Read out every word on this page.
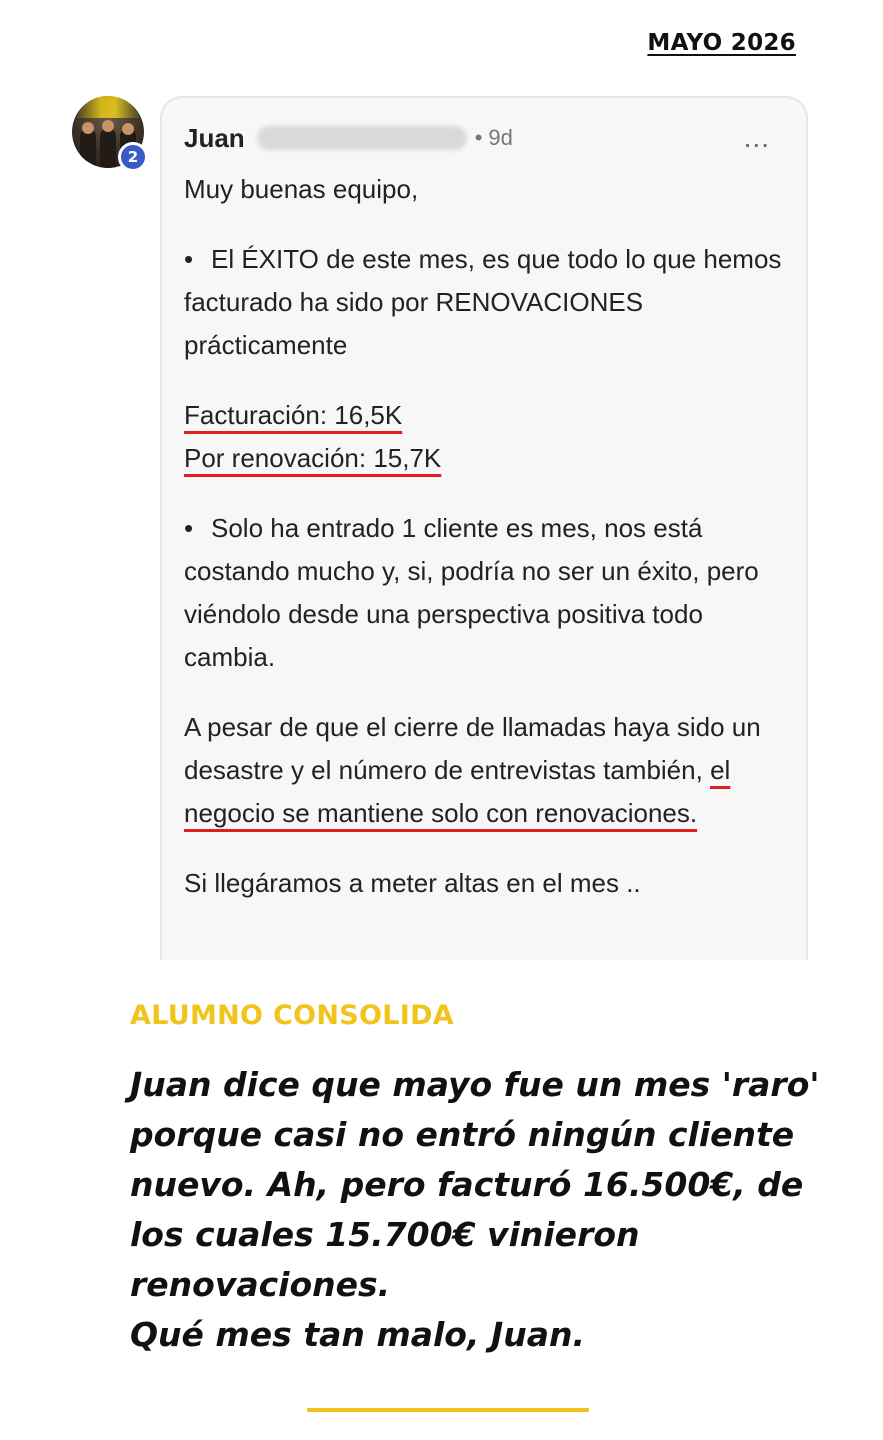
MAYO 2026
2
Juan	• 9d	...

Muy buenas equipo,

• El ÉXITO de este mes, es que todo lo que hemos facturado ha sido por RENOVACIONES prácticamente

Facturación: 16,5K

Por renovación: 15,7K

• Solo ha entrado 1 cliente es mes, nos está costando mucho y, si, podría no ser un éxito, pero viéndolo desde una perspectiva positiva todo cambia.

A pesar de que el cierre de llamadas haya sido un desastre y el número de entrevistas también, el negocio se mantiene solo con renovaciones.

Si llegáramos a meter altas en el mes ..

ALUMNO CONSOLIDA

Juan dice que mayo fue un mes 'raro' porque casi no entró ningún cliente nuevo. Ah, pero facturó 16.500€, de los cuales 15.700€ vinieron renovaciones.

Qué mes tan malo, Juan.
